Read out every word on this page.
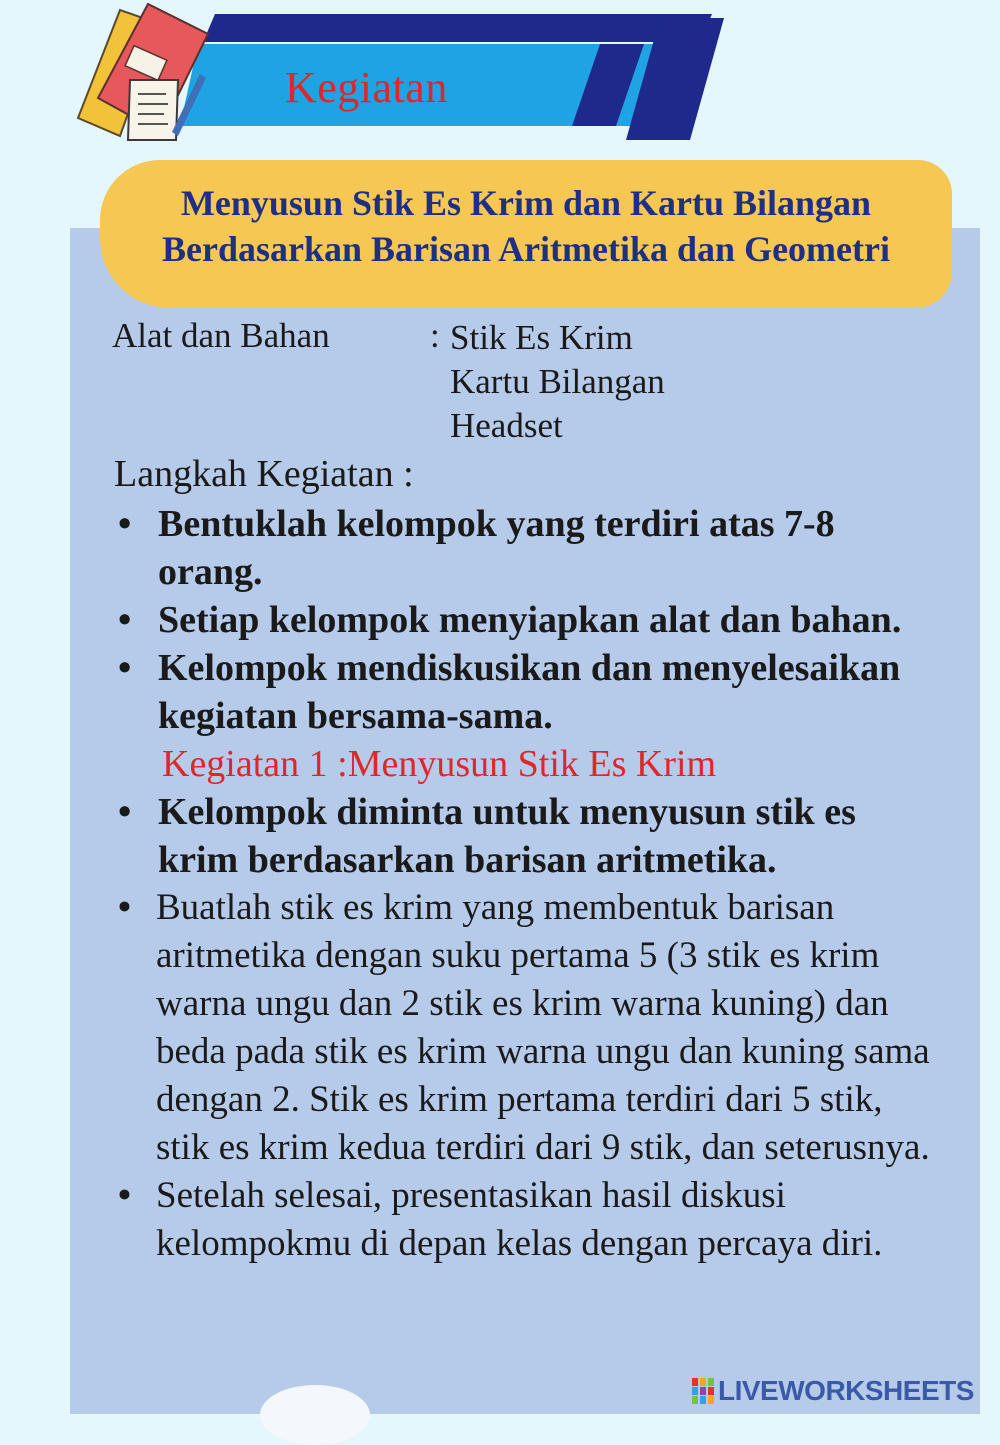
Kegiatan
Menyusun Stik Es Krim dan Kartu Bilangan Berdasarkan Barisan Aritmetika dan Geometri
Alat dan Bahan	: Stik Es Krim
Kartu Bilangan
Headset
Langkah Kegiatan :
• Bentuklah kelompok yang terdiri atas 7-8 orang.
• Setiap kelompok menyiapkan alat dan bahan.
• Kelompok mendiskusikan dan menyelesaikan kegiatan bersama-sama.
Kegiatan 1 :Menyusun Stik Es Krim
• Kelompok diminta untuk menyusun stik es krim berdasarkan barisan aritmetika.
• Buatlah stik es krim yang membentuk barisan aritmetika dengan suku pertama 5 (3 stik es krim warna ungu dan 2 stik es krim warna kuning) dan beda pada stik es krim warna ungu dan kuning sama dengan 2. Stik es krim pertama terdiri dari 5 stik, stik es krim kedua terdiri dari 9 stik, dan seterusnya.
• Setelah selesai, presentasikan hasil diskusi kelompokmu di depan kelas dengan percaya diri.
LIVEWORKSHEETS
